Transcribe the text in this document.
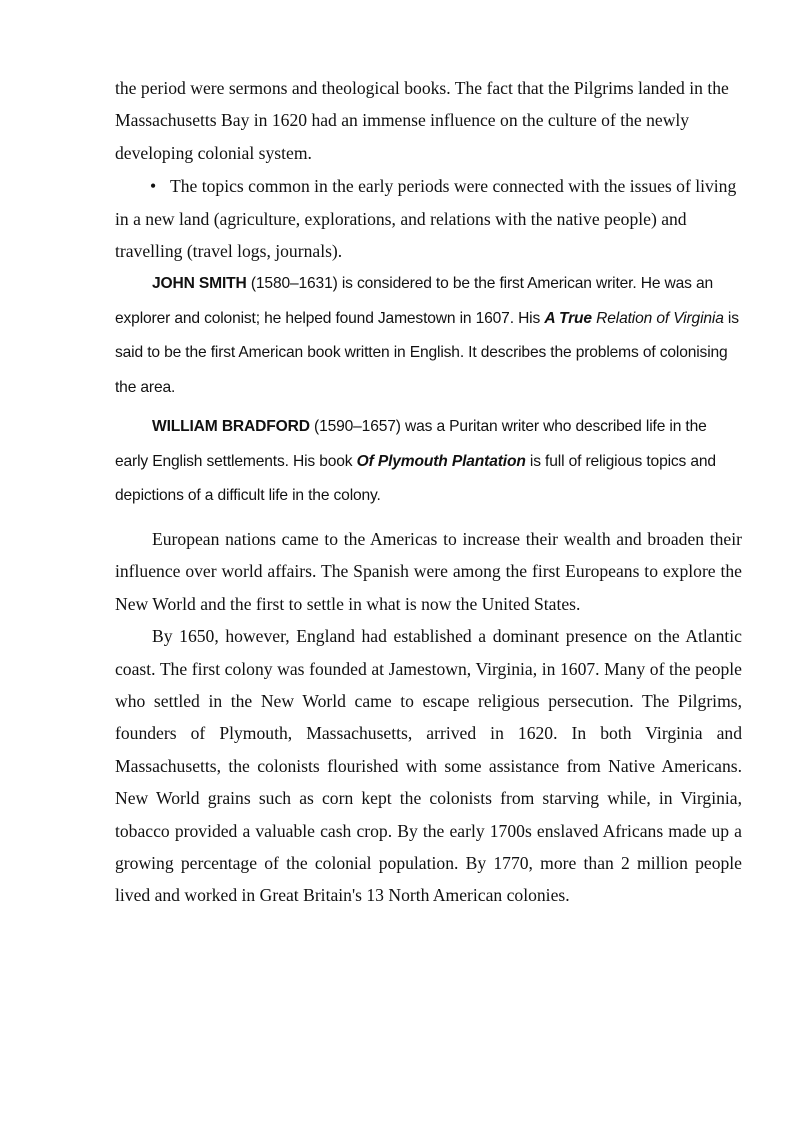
the period were sermons and theological books. The fact that the Pilgrims landed in the Massachusetts Bay in 1620 had an immense influence on the culture of the newly developing colonial system.

• The topics common in the early periods were connected with the issues of living in a new land (agriculture, explorations, and relations with the native people) and travelling (travel logs, journals).

JOHN SMITH (1580–1631) is considered to be the first American writer. He was an explorer and colonist; he helped found Jamestown in 1607. His A True Relation of Virginia is said to be the first American book written in English. It describes the problems of colonising the area.

WILLIAM BRADFORD (1590–1657) was a Puritan writer who described life in the early English settlements. His book Of Plymouth Plantation is full of religious topics and depictions of a difficult life in the colony.

European nations came to the Americas to increase their wealth and broaden their influence over world affairs. The Spanish were among the first Europeans to explore the New World and the first to settle in what is now the United States.

By 1650, however, England had established a dominant presence on the Atlantic coast. The first colony was founded at Jamestown, Virginia, in 1607. Many of the people who settled in the New World came to escape religious persecution. The Pilgrims, founders of Plymouth, Massachusetts, arrived in 1620. In both Virginia and Massachusetts, the colonists flourished with some assistance from Native Americans. New World grains such as corn kept the colonists from starving while, in Virginia, tobacco provided a valuable cash crop. By the early 1700s enslaved Africans made up a growing percentage of the colonial population. By 1770, more than 2 million people lived and worked in Great Britain's 13 North American colonies.
